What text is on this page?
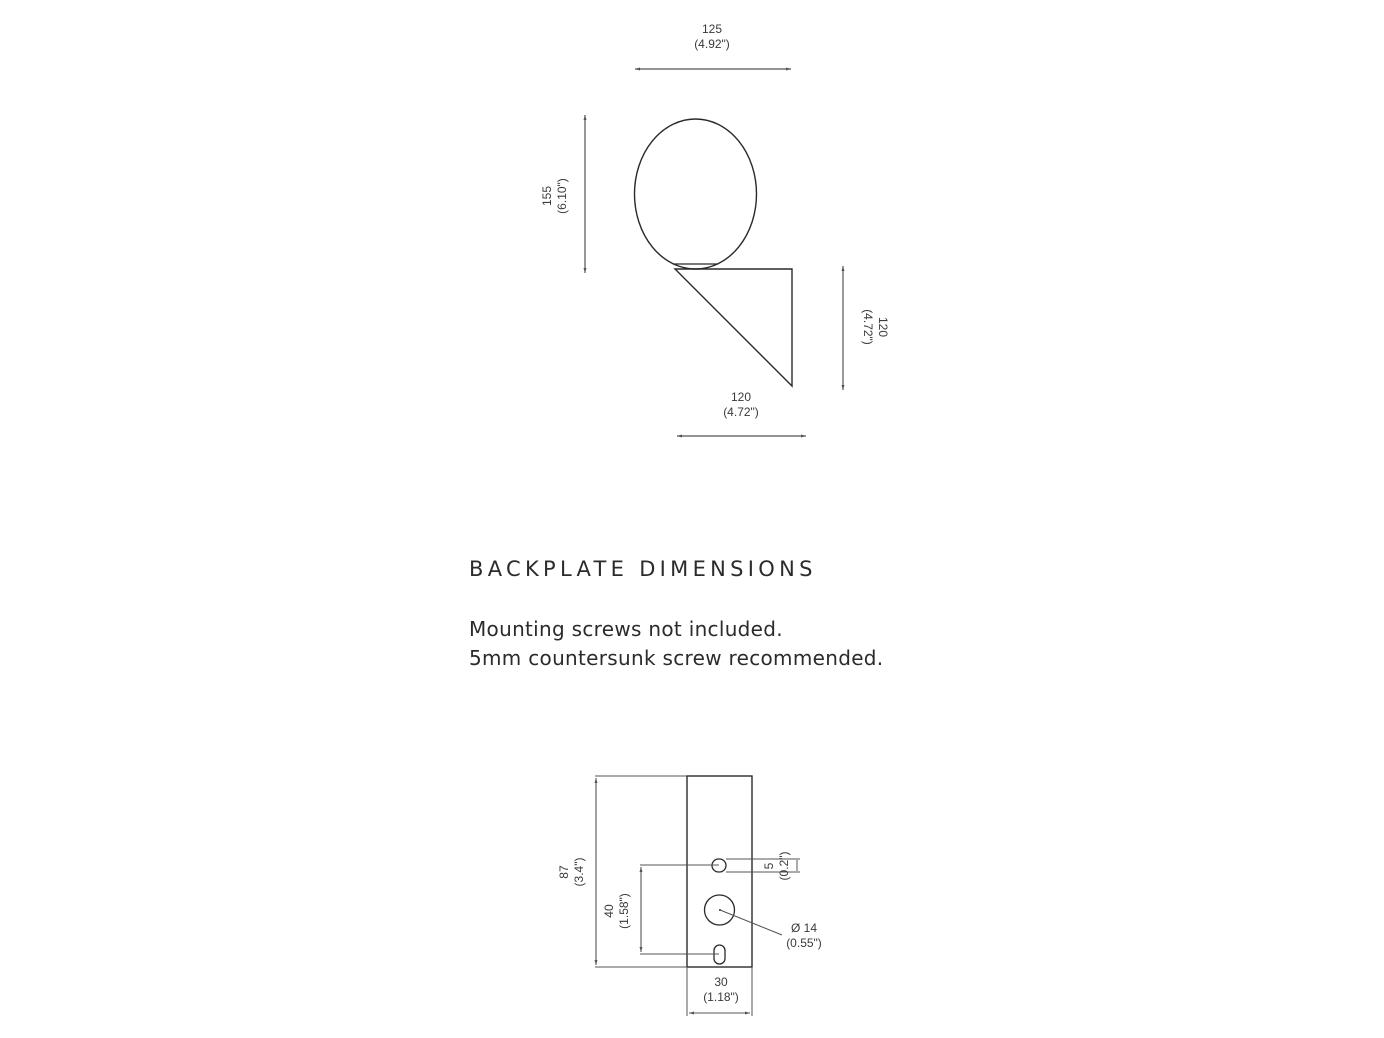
125
(4.92")
155 (6.10")
120
(4.72")
120
(4.72")
BACKPLATE DIMENSIONS
Mounting screws not included.
5mm countersunk screw recommended.
87 (3.4")
40 (1.58")
5 (0.2")
Ø 14
(0.55")
30
(1.18")
